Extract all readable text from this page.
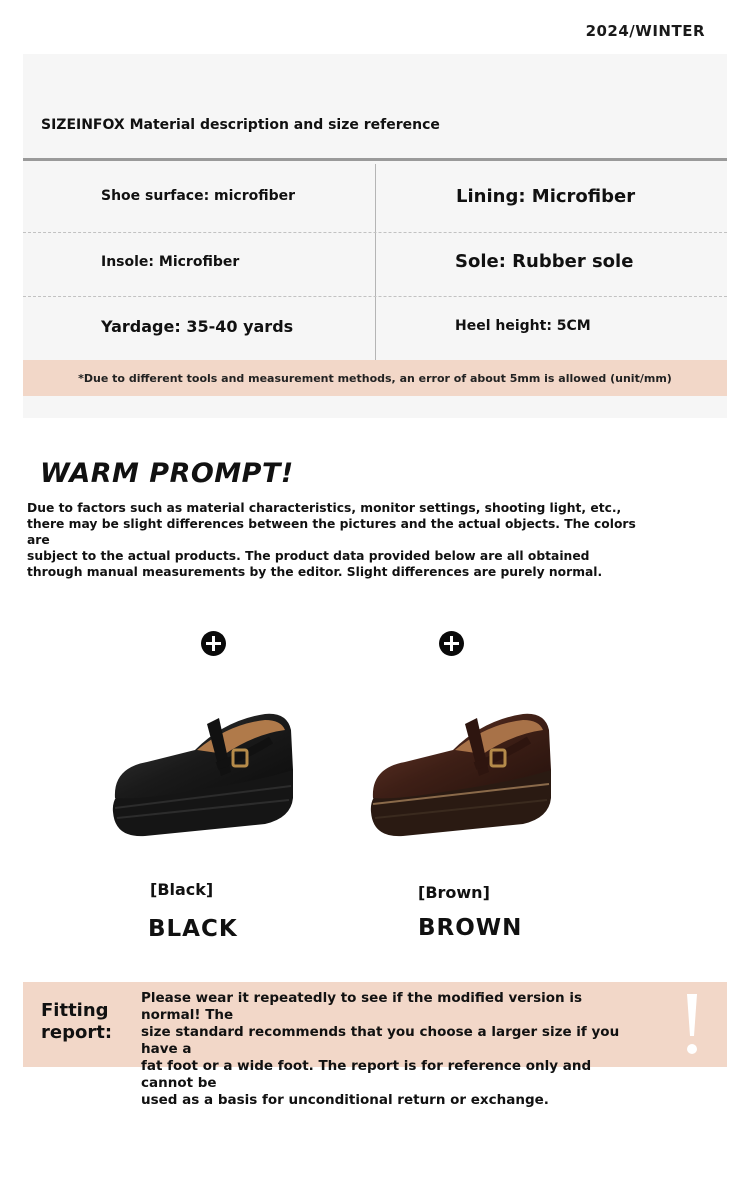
2024/WINTER
SIZEINFOX Material description and size reference
Shoe surface: microfiber	Lining: Microfiber
Insole: Microfiber	Sole: Rubber sole
Yardage: 35-40 yards	Heel height: 5CM
*Due to different tools and measurement methods, an error of about 5mm is allowed (unit/mm)
WARM PROMPT!
Due to factors such as material characteristics, monitor settings, shooting light, etc.,
there may be slight differences between the pictures and the actual objects. The colors are
subject to the actual products. The product data provided below are all obtained
through manual measurements by the editor. Slight differences are purely normal.
[Black]
BLACK
[Brown]
BROWN
Fitting
report:
Please wear it repeatedly to see if the modified version is normal! The
size standard recommends that you choose a larger size if you have a
fat foot or a wide foot. The report is for reference only and cannot be
used as a basis for unconditional return or exchange.
